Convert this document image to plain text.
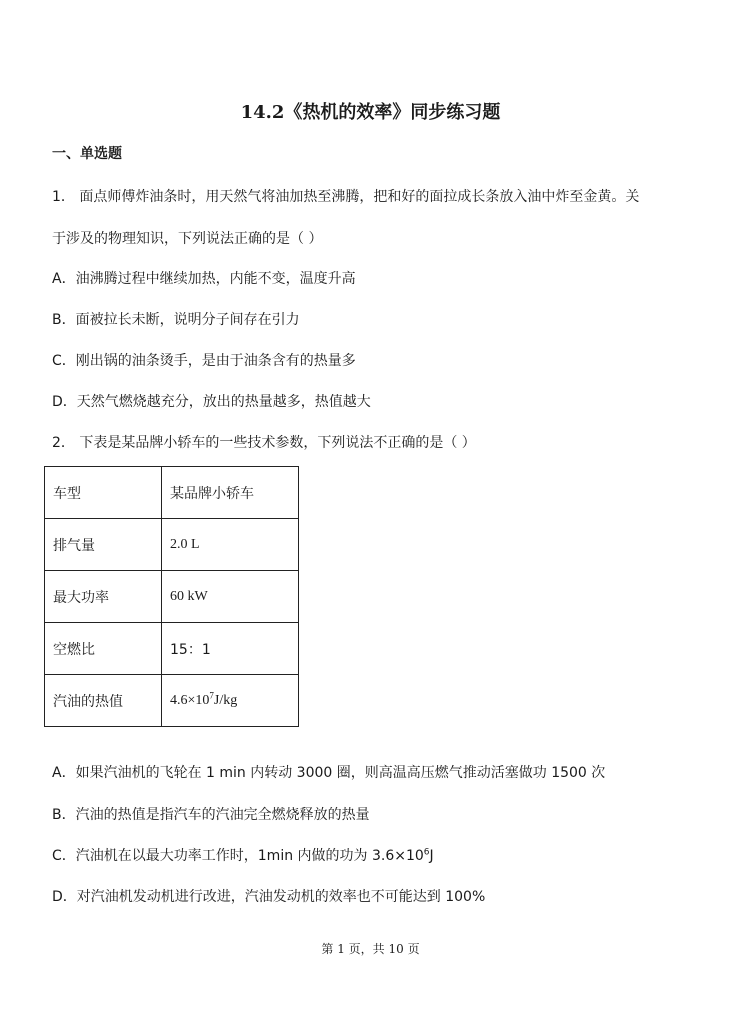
14.2《热机的效率》同步练习题
一、单选题
1． 面点师傅炸油条时，用天然气将油加热至沸腾，把和好的面拉成长条放入油中炸至金黄。关
于涉及的物理知识，下列说法正确的是（ ）
A．油沸腾过程中继续加热，内能不变，温度升高
B．面被拉长未断，说明分子间存在引力
C．刚出锅的油条烫手，是由于油条含有的热量多
D．天然气燃烧越充分，放出的热量越多，热值越大
2． 下表是某品牌小轿车的一些技术参数，下列说法不正确的是（ ）
车型	某品牌小轿车
排气量	2.0 L
最大功率	60 kW
空燃比	15：1
汽油的热值	$4.6\times 10^7J/kg$
A．如果汽油机的飞轮在 1 min 内转动 3000 圈，则高温高压燃气推动活塞做功 1500 次
B．汽油的热值是指汽车的汽油完全燃烧释放的热量
C．汽油机在以最大功率工作时，1min 内做的功为 $3.6\times 10^6J$
D．对汽油机发动机进行改进，汽油发动机的效率也不可能达到 100%
第 1 页，共 10 页
